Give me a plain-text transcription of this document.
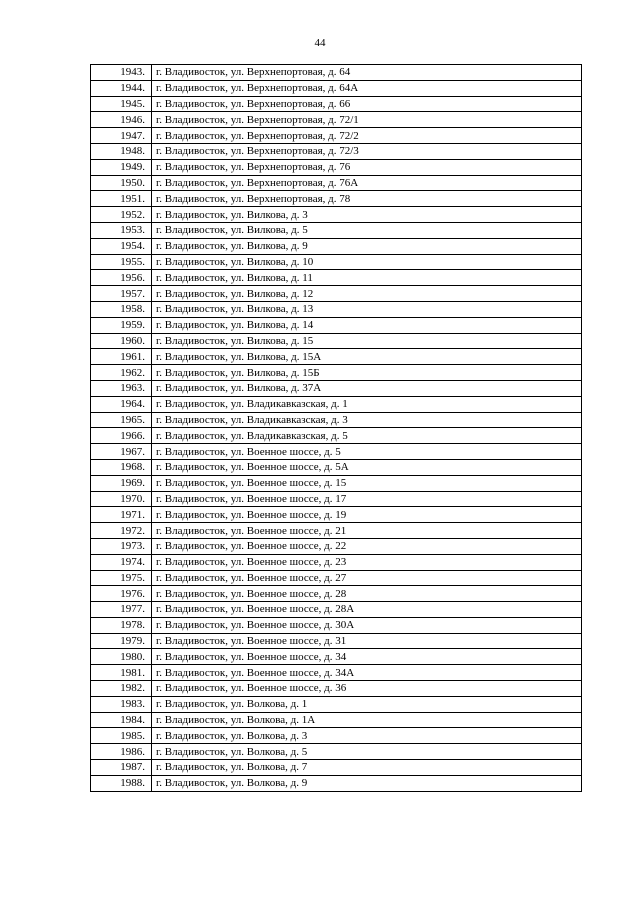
44
1943.	г. Владивосток, ул. Верхнепортовая, д. 64
1944.	г. Владивосток, ул. Верхнепортовая, д. 64А
1945.	г. Владивосток, ул. Верхнепортовая, д. 66
1946.	г. Владивосток, ул. Верхнепортовая, д. 72/1
1947.	г. Владивосток, ул. Верхнепортовая, д. 72/2
1948.	г. Владивосток, ул. Верхнепортовая, д. 72/3
1949.	г. Владивосток, ул. Верхнепортовая, д. 76
1950.	г. Владивосток, ул. Верхнепортовая, д. 76А
1951.	г. Владивосток, ул. Верхнепортовая, д. 78
1952.	г. Владивосток, ул. Вилкова, д. 3
1953.	г. Владивосток, ул. Вилкова, д. 5
1954.	г. Владивосток, ул. Вилкова, д. 9
1955.	г. Владивосток, ул. Вилкова, д. 10
1956.	г. Владивосток, ул. Вилкова, д. 11
1957.	г. Владивосток, ул. Вилкова, д. 12
1958.	г. Владивосток, ул. Вилкова, д. 13
1959.	г. Владивосток, ул. Вилкова, д. 14
1960.	г. Владивосток, ул. Вилкова, д. 15
1961.	г. Владивосток, ул. Вилкова, д. 15А
1962.	г. Владивосток, ул. Вилкова, д. 15Б
1963.	г. Владивосток, ул. Вилкова, д. 37А
1964.	г. Владивосток, ул. Владикавказская, д. 1
1965.	г. Владивосток, ул. Владикавказская, д. 3
1966.	г. Владивосток, ул. Владикавказская, д. 5
1967.	г. Владивосток, ул. Военное шоссе, д. 5
1968.	г. Владивосток, ул. Военное шоссе, д. 5А
1969.	г. Владивосток, ул. Военное шоссе, д. 15
1970.	г. Владивосток, ул. Военное шоссе, д. 17
1971.	г. Владивосток, ул. Военное шоссе, д. 19
1972.	г. Владивосток, ул. Военное шоссе, д. 21
1973.	г. Владивосток, ул. Военное шоссе, д. 22
1974.	г. Владивосток, ул. Военное шоссе, д. 23
1975.	г. Владивосток, ул. Военное шоссе, д. 27
1976.	г. Владивосток, ул. Военное шоссе, д. 28
1977.	г. Владивосток, ул. Военное шоссе, д. 28А
1978.	г. Владивосток, ул. Военное шоссе, д. 30А
1979.	г. Владивосток, ул. Военное шоссе, д. 31
1980.	г. Владивосток, ул. Военное шоссе, д. 34
1981.	г. Владивосток, ул. Военное шоссе, д. 34А
1982.	г. Владивосток, ул. Военное шоссе, д. 36
1983.	г. Владивосток, ул. Волкова, д. 1
1984.	г. Владивосток, ул. Волкова, д. 1А
1985.	г. Владивосток, ул. Волкова, д. 3
1986.	г. Владивосток, ул. Волкова, д. 5
1987.	г. Владивосток, ул. Волкова, д. 7
1988.	г. Владивосток, ул. Волкова, д. 9
